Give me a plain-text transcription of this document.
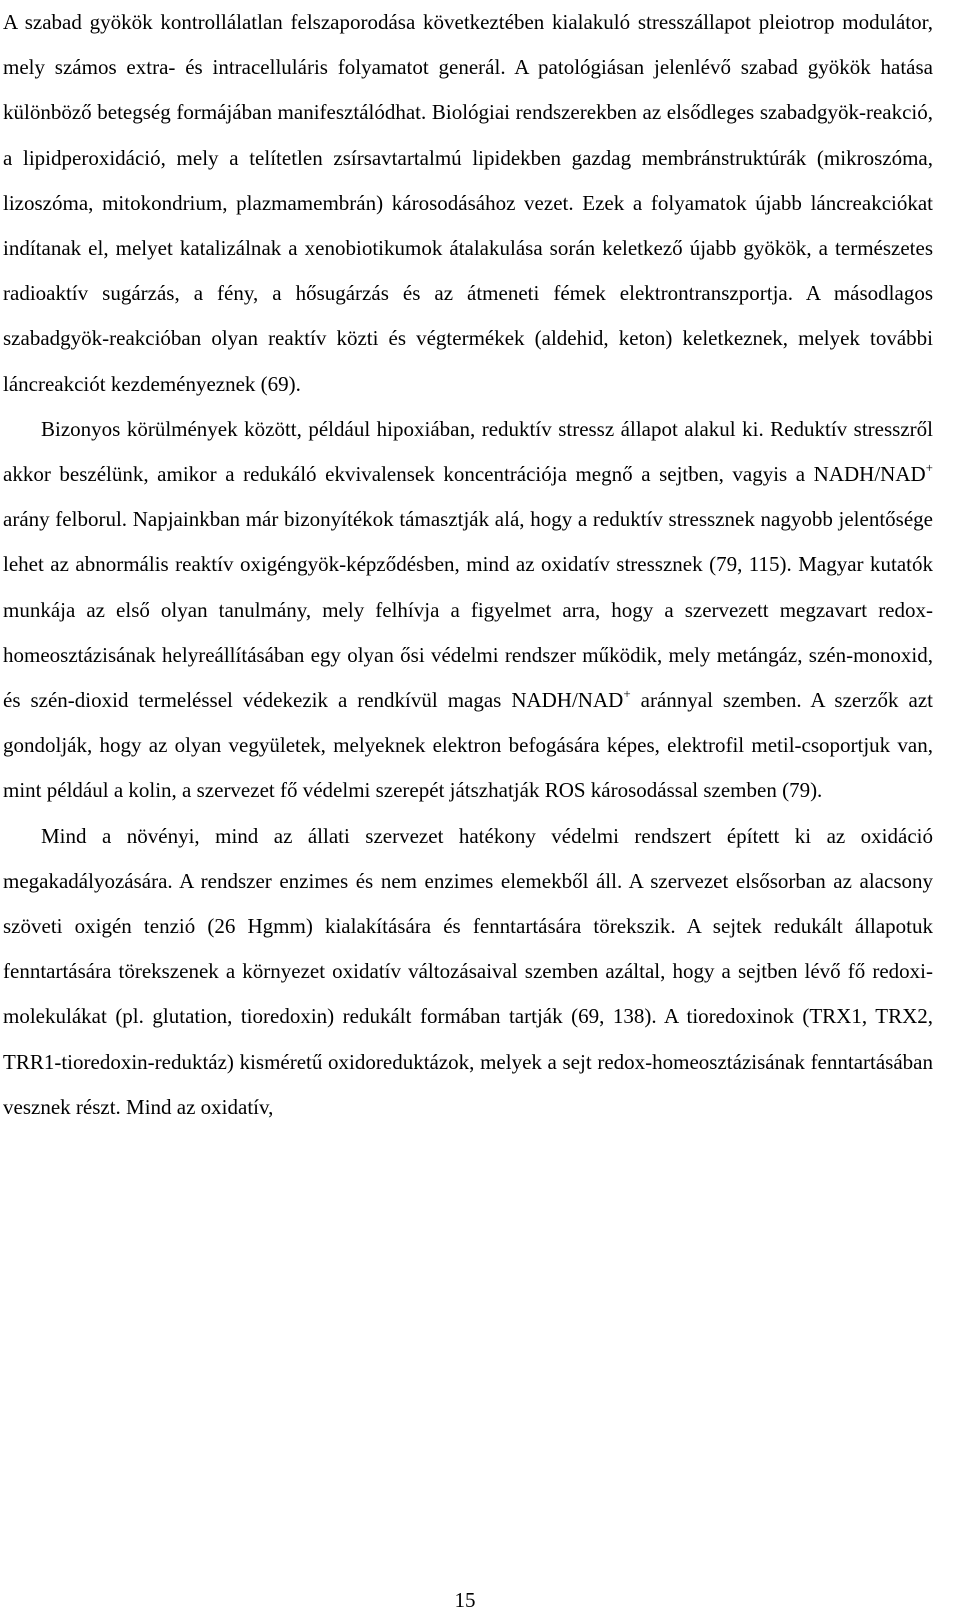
A szabad gyökök kontrollálatlan felszaporodása következtében kialakuló stresszállapot pleiotrop modulátor, mely számos extra- és intracelluláris folyamatot generál. A patológiásan jelenlévő szabad gyökök hatása különböző betegség formájában manifesztálódhat. Biológiai rendszerekben az elsődleges szabadgyök-reakció, a lipidperoxidáció, mely a telítetlen zsírsavtartalmú lipidekben gazdag membránstruktúrák (mikroszóma, lizoszóma, mitokondrium, plazmamembrán) károsodásához vezet. Ezek a folyamatok újabb láncreakciókat indítanak el, melyet katalizálnak a xenobiotikumok átalakulása során keletkező újabb gyökök, a természetes radioaktív sugárzás, a fény, a hősugárzás és az átmeneti fémek elektrontranszportja. A másodlagos szabadgyök-reakcióban olyan reaktív közti és végtermékek (aldehid, keton) keletkeznek, melyek további láncreakciót kezdeményeznek (69).

Bizonyos körülmények között, például hipoxiában, reduktív stressz állapot alakul ki. Reduktív stresszről akkor beszélünk, amikor a redukáló ekvivalensek koncentrációja megnő a sejtben, vagyis a NADH/NAD+ arány felborul. Napjainkban már bizonyítékok támasztják alá, hogy a reduktív stressznek nagyobb jelentősége lehet az abnormális reaktív oxigéngyök-képződésben, mind az oxidatív stressznek (79, 115). Magyar kutatók munkája az első olyan tanulmány, mely felhívja a figyelmet arra, hogy a szervezett megzavart redox-homeosztázisának helyreállításában egy olyan ősi védelmi rendszer működik, mely metángáz, szén-monoxid, és szén-dioxid termeléssel védekezik a rendkívül magas NADH/NAD+ aránnyal szemben. A szerzők azt gondolják, hogy az olyan vegyületek, melyeknek elektron befogására képes, elektrofil metil-csoportjuk van, mint például a kolin, a szervezet fő védelmi szerepét játszhatják ROS károsodással szemben (79).

Mind a növényi, mind az állati szervezet hatékony védelmi rendszert épített ki az oxidáció megakadályozására. A rendszer enzimes és nem enzimes elemekből áll. A szervezet elsősorban az alacsony szöveti oxigén tenzió (26 Hgmm) kialakítására és fenntartására törekszik. A sejtek redukált állapotuk fenntartására törekszenek a környezet oxidatív változásaival szemben azáltal, hogy a sejtben lévő fő redoxi-molekulákat (pl. glutation, tioredoxin) redukált formában tartják (69, 138). A tioredoxinok (TRX1, TRX2, TRR1-tioredoxin-reduktáz) kisméretű oxidoreduktázok, melyek a sejt redox-homeosztázisának fenntartásában vesznek részt. Mind az oxidatív,

15
